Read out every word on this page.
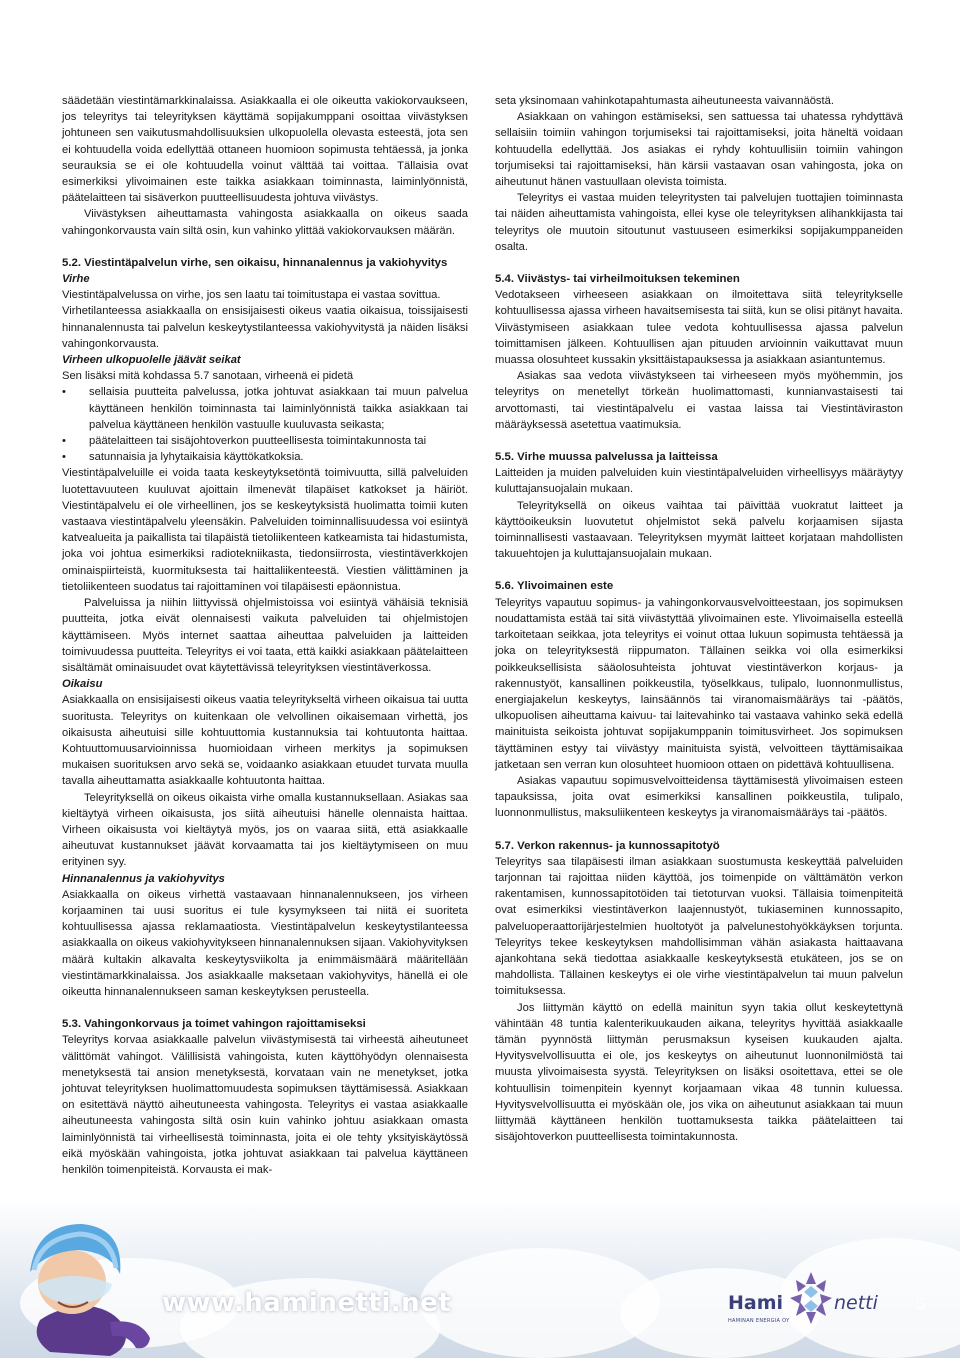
säädetään viestintämarkkinalaissa. Asiakkaalla ei ole oikeutta vakiokorvaukseen, jos teleyritys tai teleyrityksen käyttämä sopijakumppani osoittaa viivästyksen johtuneen sen vaikutusmahdollisuuksien ulkopuolella olevasta esteestä, jota sen ei kohtuudella voida edellyttää ottaneen huomioon sopimusta tehtäessä, ja jonka seurauksia se ei ole kohtuudella voinut välttää tai voittaa. Tällaisia ovat esimerkiksi ylivoimainen este taikka asiakkaan toiminnasta, laiminlyönnistä, päätelaitteen tai sisäverkon puutteellisuudesta johtuva viivästys.

Viivästyksen aiheuttamasta vahingosta asiakkaalla on oikeus saada vahingonkorvausta vain siltä osin, kun vahinko ylittää vakiokorvauksen määrän.

5.2. Viestintäpalvelun virhe, sen oikaisu, hinnanalennus ja vakiohyvitys
Virhe

Viestintäpalvelussa on virhe, jos sen laatu tai toimitustapa ei vastaa sovittua.

Virhetilanteessa asiakkaalla on ensisijaisesti oikeus vaatia oikaisua, toissijaisesti hinnanalennusta tai palvelun keskeytystilanteessa vakiohyvitystä ja näiden lisäksi vahingonkorvausta.

Virheen ulkopuolelle jäävät seikat

Sen lisäksi mitä kohdassa 5.7 sanotaan, virheenä ei pidetä

• sellaisia puutteita palvelussa, jotka johtuvat asiakkaan tai muun palvelua käyttäneen henkilön toiminnasta tai laiminlyönnistä taikka asiakkaan tai palvelua käyttäneen henkilön vastuulle kuuluvasta seikasta;
• päätelaitteen tai sisäjohtoverkon puutteellisesta toimintakunnosta tai
• satunnaisia ja lyhytaikaisia käyttökatkoksia.

Viestintäpalveluille ei voida taata keskeytyksetöntä toimivuutta, sillä palveluiden luotettavuuteen kuuluvat ajoittain ilmenevät tilapäiset katkokset ja häiriöt. Viestintäpalvelu ei ole virheellinen, jos se keskeytyksistä huolimatta toimii kuten vastaava viestintäpalvelu yleensäkin. Palveluiden toiminnallisuudessa voi esiintyä katvealueita ja paikallista tai tilapäistä tietoliikenteen katkeamista tai hidastumista, joka voi johtua esimerkiksi radiotekniikasta, tiedonsiirrosta, viestintäverkkojen ominaispiirteistä, kuormituksesta tai haittaliikenteestä. Viestien välittäminen ja tietoliikenteen suodatus tai rajoittaminen voi tilapäisesti epäonnistua.

Palveluissa ja niihin liittyvissä ohjelmistoissa voi esiintyä vähäisiä teknisiä puutteita, jotka eivät olennaisesti vaikuta palveluiden tai ohjelmistojen käyttämiseen. Myös internet saattaa aiheuttaa palveluiden ja laitteiden toimivuudessa puutteita. Teleyritys ei voi taata, että kaikki asiakkaan päätelaitteen sisältämät ominaisuudet ovat käytettävissä teleyrityksen viestintäverkossa.

Oikaisu

Asiakkaalla on ensisijaisesti oikeus vaatia teleyritykseltä virheen oikaisua tai uutta suoritusta. Teleyritys on kuitenkaan ole velvollinen oikaisemaan virhettä, jos oikaisusta aiheutuisi sille kohtuuttomia kustannuksia tai kohtuutonta haittaa. Kohtuuttomuusarvioinnissa huomioidaan virheen merkitys ja sopimuksen mukaisen suorituksen arvo sekä se, voidaanko asiakkaan etuudet turvata muulla tavalla aiheuttamatta asiakkaalle kohtuutonta haittaa.

Teleyrityksellä on oikeus oikaista virhe omalla kustannuksellaan. Asiakas saa kieltäytyä virheen oikaisusta, jos siitä aiheutuisi hänelle olennaista haittaa. Virheen oikaisusta voi kieltäytyä myös, jos on vaaraa siitä, että asiakkaalle aiheutuvat kustannukset jäävät korvaamatta tai jos kieltäytymiseen on muu erityinen syy.

Hinnanalennus ja vakiohyvitys

Asiakkaalla on oikeus virhettä vastaavaan hinnanalennukseen, jos virheen korjaaminen tai uusi suoritus ei tule kysymykseen tai niitä ei suoriteta kohtuullisessa ajassa reklamaatiosta. Viestintäpalvelun keskeytystilanteessa asiakkaalla on oikeus vakiohyvitykseen hinnanalennuksen sijaan. Vakiohyvityksen määrä kultakin alkavalta keskeytysviikolta ja enimmäismäärä määritellään viestintämarkkinalaissa. Jos asiakkaalle maksetaan vakiohyvitys, hänellä ei ole oikeutta hinnanalennukseen saman keskeytyksen perusteella.

5.3. Vahingonkorvaus ja toimet vahingon rajoittamiseksi

Teleyritys korvaa asiakkaalle palvelun viivästymisestä tai virheestä aiheutuneet välittömät vahingot. Välillisistä vahingoista, kuten käyttöhyödyn olennaisesta menetyksestä tai ansion menetyksestä, korvataan vain ne menetykset, jotka johtuvat teleyrityksen huolimattomuudesta sopimuksen täyttämisessä. Asiakkaan on esitettävä näyttö aiheutuneesta vahingosta. Teleyritys ei vastaa asiakkaalle aiheutuneesta vahingosta siltä osin kuin vahinko johtuu asiakkaan omasta laiminlyönnistä tai virheellisestä toiminnasta, joita ei ole tehty yksityiskäytössä eikä myöskään vahingoista, jotka johtuvat asiakkaan tai palvelua käyttäneen henkilön toimenpiteistä. Korvausta ei mak-

seta yksinomaan vahinkotapahtumasta aiheutuneesta vaivannäöstä.

Asiakkaan on vahingon estämiseksi, sen sattuessa tai uhatessa ryhdyttävä sellaisiin toimiin vahingon torjumiseksi tai rajoittamiseksi, joita häneltä voidaan kohtuudella edellyttää. Jos asiakas ei ryhdy kohtuullisiin toimiin vahingon torjumiseksi tai rajoittamiseksi, hän kärsii vastaavan osan vahingosta, joka on aiheutunut hänen vastuullaan olevista toimista.

Teleyritys ei vastaa muiden teleyritysten tai palvelujen tuottajien toiminnasta tai näiden aiheuttamista vahingoista, ellei kyse ole teleyrityksen alihankkijasta tai teleyritys ole muutoin sitoutunut vastuuseen esimerkiksi sopijakumppaneiden osalta.

5.4. Viivästys- tai virheilmoituksen tekeminen

Vedotakseen virheeseen asiakkaan on ilmoitettava siitä teleyritykselle kohtuullisessa ajassa virheen havaitsemisesta tai siitä, kun se olisi pitänyt havaita. Viivästymiseen asiakkaan tulee vedota kohtuullisessa ajassa palvelun toimittamisen jälkeen. Kohtuullisen ajan pituuden arvioinnin vaikuttavat muun muassa olosuhteet kussakin yksittäistapauksessa ja asiakkaan asiantuntemus.

Asiakas saa vedota viivästykseen tai virheeseen myös myöhemmin, jos teleyritys on menetellyt törkeän huolimattomasti, kunnianvastaisesti tai arvottomasti, tai viestintäpalvelu ei vastaa laissa tai Viestintäviraston määräyksessä asetettua vaatimuksia.

5.5. Virhe muussa palvelussa ja laitteissa

Laitteiden ja muiden palveluiden kuin viestintäpalveluiden virheellisyys määräytyy kuluttajansuojalain mukaan.

Teleyrityksellä on oikeus vaihtaa tai päivittää vuokratut laitteet ja käyttöoikeuksin luovutetut ohjelmistot sekä palvelu korjaamisen sijasta toiminnallisesti vastaavaan. Teleyrityksen myymät laitteet korjataan mahdollisten takuuehtojen ja kuluttajansuojalain mukaan.

5.6. Ylivoimainen este

Teleyritys vapautuu sopimus- ja vahingonkorvausvelvoitteestaan, jos sopimuksen noudattamista estää tai sitä viivästyttää ylivoimainen este. Ylivoimaisella esteellä tarkoitetaan seikkaa, jota teleyritys ei voinut ottaa lukuun sopimusta tehtäessä ja joka on teleyrityksestä riippumaton. Tällainen seikka voi olla esimerkiksi poikkeuksellisista sääolosuhteista johtuvat viestintäverkon korjaus- ja rakennustyöt, kansallinen poikkeustila, työselkkaus, tulipalo, luonnonmullistus, energiajakelun keskeytys, lainsäännös tai viranomaismääräys tai -päätös, ulkopuolisen aiheuttama kaivuu- tai laitevahinko tai vastaava vahinko sekä edellä mainituista seikoista johtuvat sopijakumppanin toimitusvirheet. Jos sopimuksen täyttäminen estyy tai viivästyy mainituista syistä, velvoitteen täyttämisaikaa jatketaan sen verran kun olosuhteet huomioon ottaen on pidettävä kohtuullisena.

Asiakas vapautuu sopimusvelvoitteidensa täyttämisestä ylivoimaisen esteen tapauksissa, joita ovat esimerkiksi kansallinen poikkeustila, tulipalo, luonnonmullistus, maksuliikenteen keskeytys ja viranomaismääräys tai -päätös.

5.7. Verkon rakennus- ja kunnossapitotyö

Teleyritys saa tilapäisesti ilman asiakkaan suostumusta keskeyttää palveluiden tarjonnan tai rajoittaa niiden käyttöä, jos toimenpide on välttämätön verkon rakentamisen, kunnossapitotöiden tai tietoturvan vuoksi. Tällaisia toimenpiteitä ovat esimerkiksi viestintäverkon laajennustyöt, tukiaseminen kunnossapito, palveluoperaattorijärjestelmien huoltotyöt ja palvelunestohyökkäyksen torjunta. Teleyritys tekee keskeytyksen mahdollisimman vähän asiakasta haittaavana ajankohtana sekä tiedottaa asiakkaalle keskeytyksestä etukäteen, jos se on mahdollista. Tällainen keskeytys ei ole virhe viestintäpalvelun tai muun palvelun toimituksessa.

Jos liittymän käyttö on edellä mainitun syyn takia ollut keskeytettynä vähintään 48 tuntia kalenterikuukauden aikana, teleyritys hyvittää asiakkaalle tämän pyynnöstä liittymän perusmaksun kyseisen kuukauden ajalta. Hyvitysvelvollisuutta ei ole, jos keskeytys on aiheutunut luonnonilmiöstä tai muusta ylivoimaisesta syystä. Teleyrityksen on lisäksi osoitettava, ettei se ole kohtuullisin toimenpitein kyennyt korjaamaan vikaa 48 tunnin kuluessa. Hyvitysvelvollisuutta ei myöskään ole, jos vika on aiheutunut asiakkaan tai muun liittymää käyttäneen henkilön tuottamuksesta taikka päätelaitteen tai sisäjohtoverkon puutteellisesta toimintakunnosta.

www.haminetti.net	Hami	netti
HAMINAN ENERGIA OY
5
